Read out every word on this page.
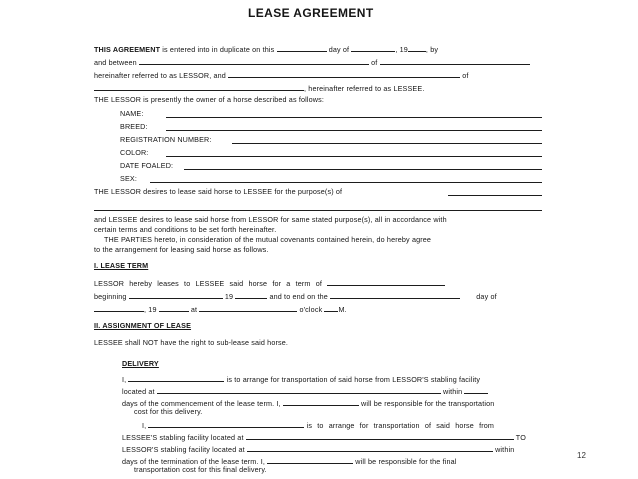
LEASE AGREEMENT
THIS AGREEMENT is entered into in duplicate on this	day of	, 19	, by
and between	of
hereinafter referred to as LESSOR, and	of
, hereinafter referred to as LESSEE.
THE LESSOR is presently the owner of a horse described as follows:
NAME:
BREED:
REGISTRATION NUMBER:
COLOR:
DATE FOALED:
SEX:
THE LESSOR desires to lease said horse to LESSEE for the purpose(s) of
and LESSEE desires to lease said horse from LESSOR for same stated purpose(s), all in accordance with
certain terms and conditions to be set forth hereinafter.
THE PARTIES hereto, in consideration of the mutual covenants contained herein, do hereby agree
to the arrangement for leasing said horse as follows.
I. LEASE TERM
LESSOR hereby leases to LESSEE said horse for a term of
beginning	19	and to end on the	day of
, 19	at	o'clock M.
II. ASSIGNMENT OF LEASE
LESSEE shall NOT have the right to sub-lease said horse.
DELIVERY
I,	is to arrange for transportation of said horse from LESSOR'S stabling facility
located at	within
days of the commencement of the lease term. I,	will be responsible for the transportation
cost for this delivery.
I,	is to arrange for transportation of said horse from
LESSEE'S stabling facility located at	TO
LESSOR'S stabling facility located at	within
days of the termination of the lease term. I,	will be responsible for the final
transportation cost for this final delivery.
12
